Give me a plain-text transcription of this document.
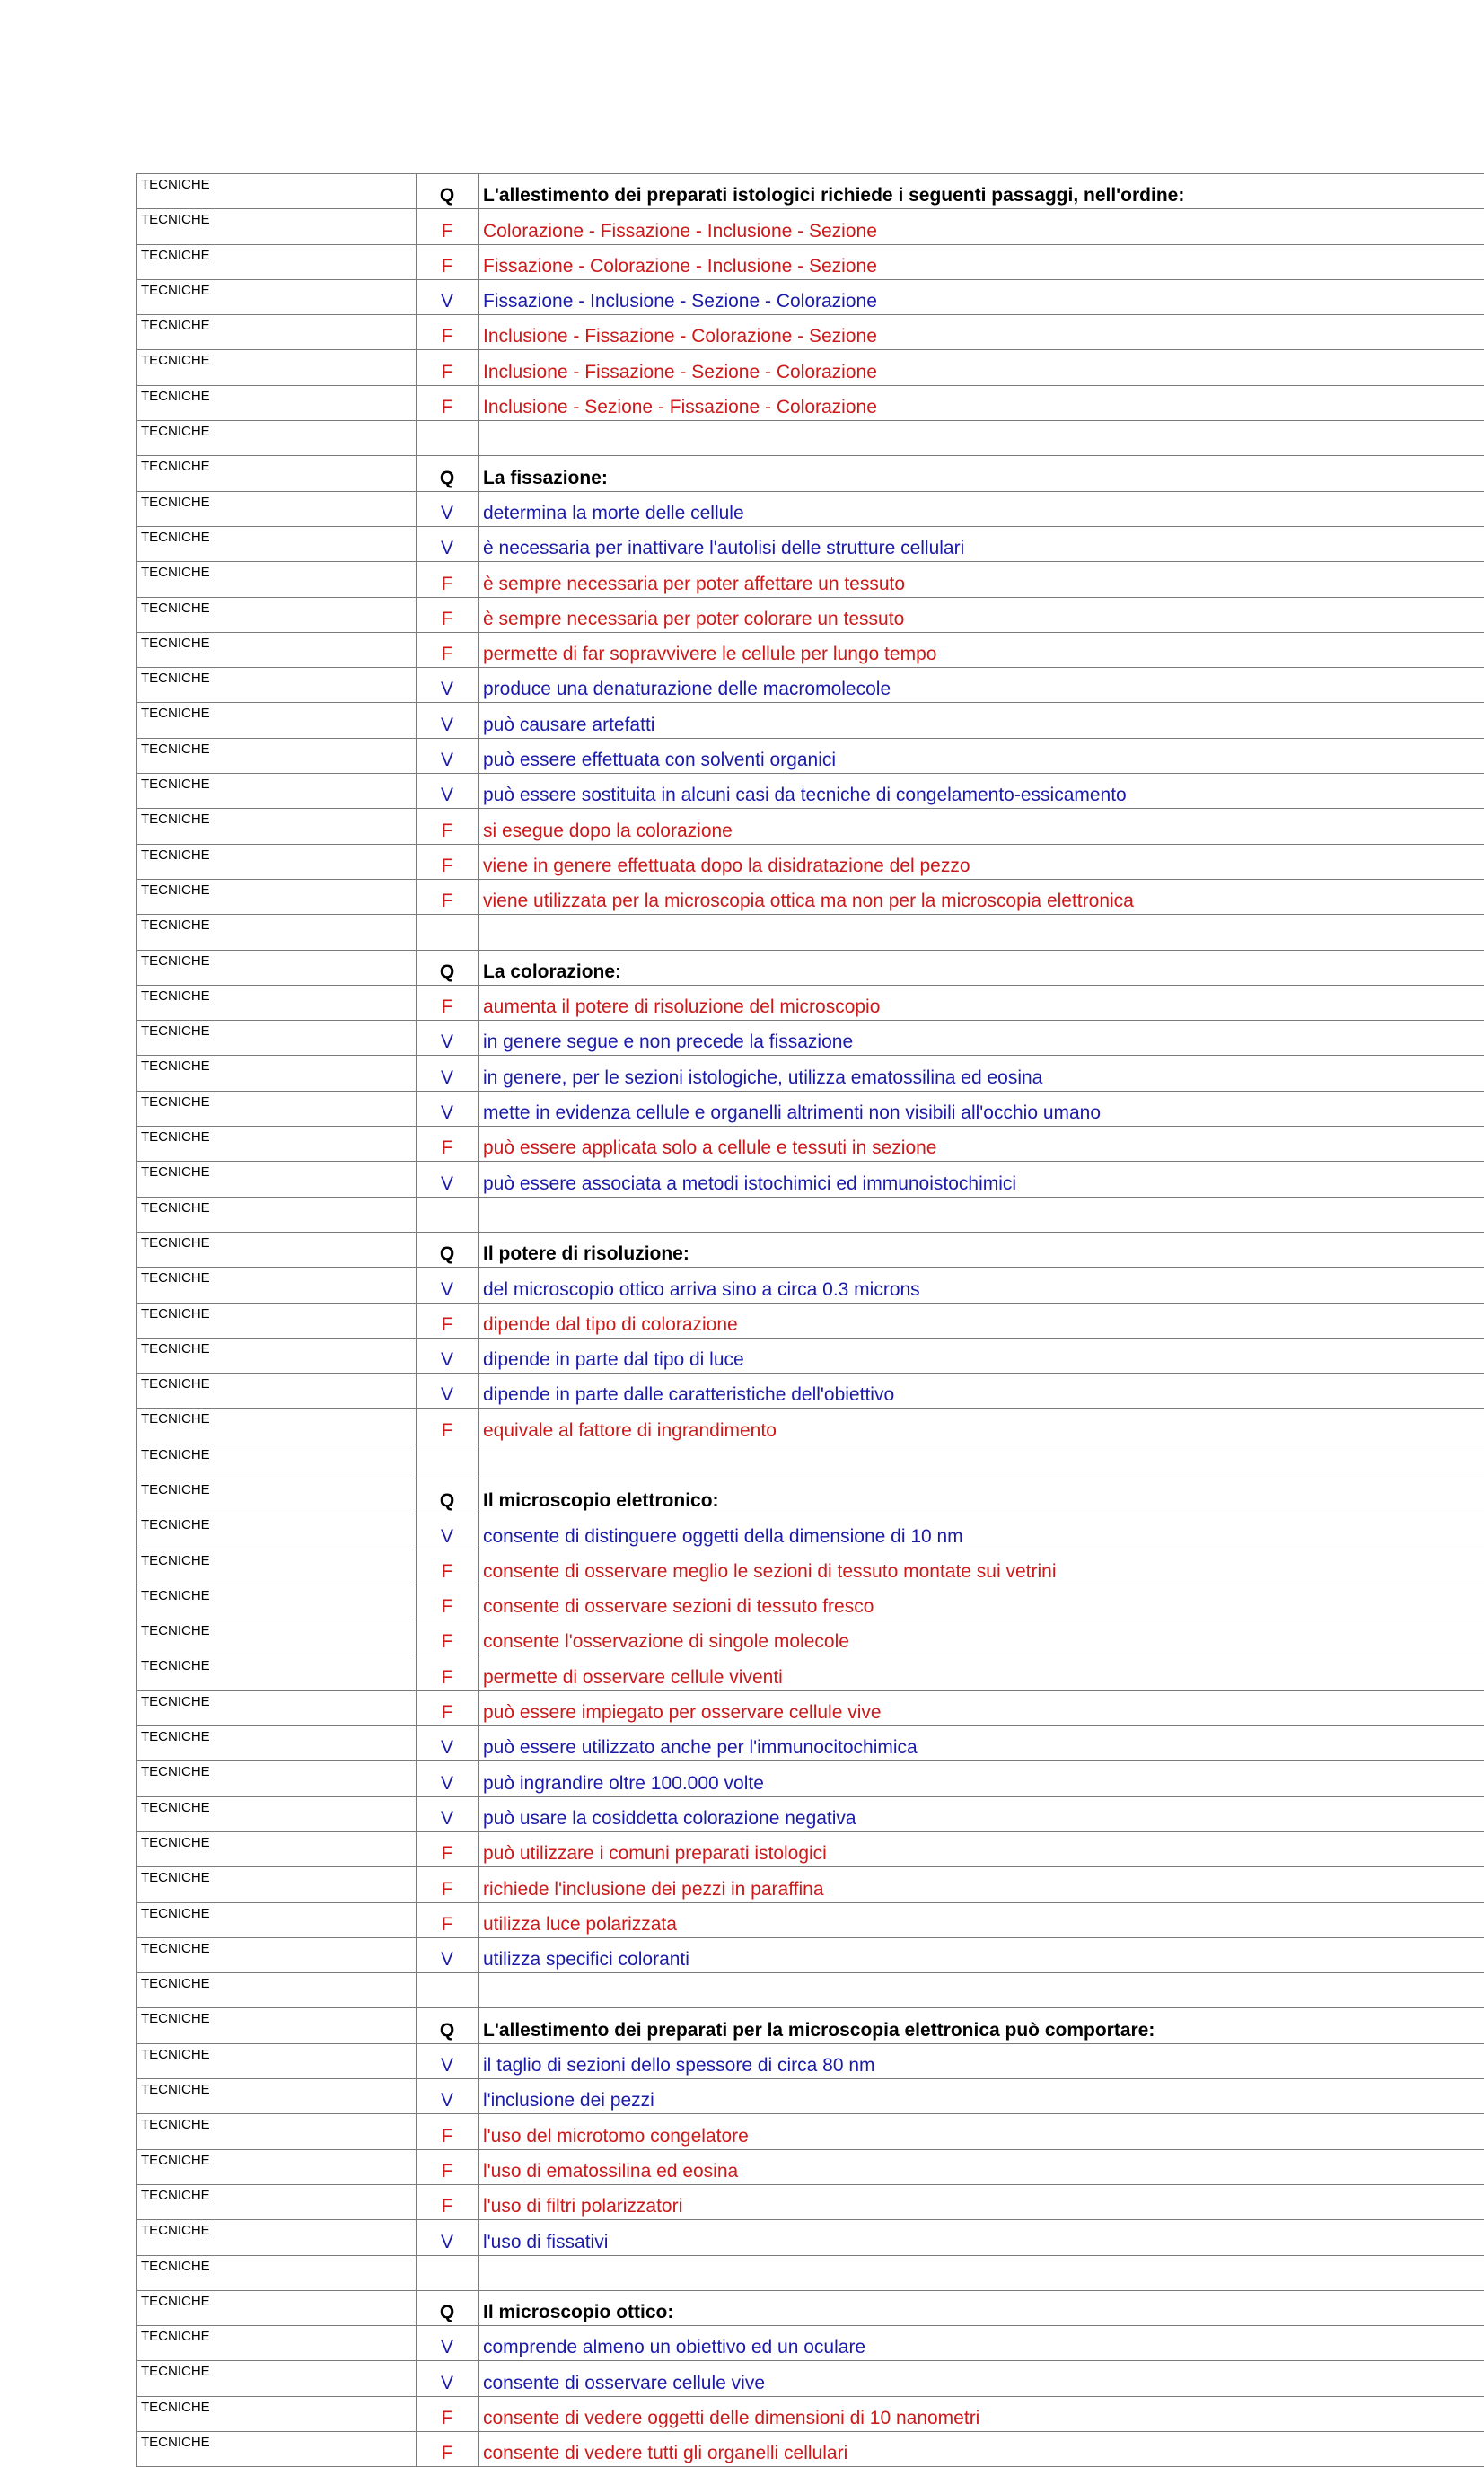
TECNICHE	Q	L'allestimento dei preparati istologici richiede i seguenti passaggi, nell'ordine:
TECNICHE	F	Colorazione - Fissazione - Inclusione - Sezione
TECNICHE	F	Fissazione - Colorazione - Inclusione - Sezione
TECNICHE	V	Fissazione - Inclusione - Sezione - Colorazione
TECNICHE	F	Inclusione - Fissazione - Colorazione - Sezione
TECNICHE	F	Inclusione - Fissazione - Sezione - Colorazione
TECNICHE	F	Inclusione - Sezione - Fissazione - Colorazione
TECNICHE		
TECNICHE	Q	La fissazione:
TECNICHE	V	determina la morte delle cellule
TECNICHE	V	è necessaria per inattivare l'autolisi delle strutture cellulari
TECNICHE	F	è sempre necessaria per poter affettare un tessuto
TECNICHE	F	è sempre necessaria per poter colorare un tessuto
TECNICHE	F	permette di far sopravvivere le cellule per lungo tempo
TECNICHE	V	produce una denaturazione delle macromolecole
TECNICHE	V	può causare artefatti
TECNICHE	V	può essere effettuata con solventi organici
TECNICHE	V	può essere sostituita in alcuni casi da tecniche di congelamento-essicamento
TECNICHE	F	si esegue dopo la colorazione
TECNICHE	F	viene in genere effettuata dopo la disidratazione del pezzo
TECNICHE	F	viene utilizzata per la microscopia ottica ma non per la microscopia elettronica
TECNICHE		
TECNICHE	Q	La colorazione:
TECNICHE	F	aumenta il potere di risoluzione del microscopio
TECNICHE	V	in genere segue e non precede la fissazione
TECNICHE	V	in genere, per le sezioni istologiche, utilizza ematossilina ed eosina
TECNICHE	V	mette in evidenza cellule e organelli altrimenti non visibili all'occhio umano
TECNICHE	F	può essere applicata solo a cellule e tessuti in sezione
TECNICHE	V	può essere associata a metodi istochimici ed immunoistochimici
TECNICHE		
TECNICHE	Q	Il potere di risoluzione:
TECNICHE	V	del microscopio ottico arriva sino a circa 0.3 microns
TECNICHE	F	dipende dal tipo di colorazione
TECNICHE	V	dipende in parte dal tipo di luce
TECNICHE	V	dipende in parte dalle caratteristiche dell'obiettivo
TECNICHE	F	equivale al fattore di ingrandimento
TECNICHE		
TECNICHE	Q	Il microscopio elettronico:
TECNICHE	V	consente di distinguere oggetti della dimensione di 10 nm
TECNICHE	F	consente di osservare meglio le sezioni di tessuto montate sui vetrini
TECNICHE	F	consente di osservare sezioni di tessuto fresco
TECNICHE	F	consente l'osservazione di singole molecole
TECNICHE	F	permette di osservare cellule viventi
TECNICHE	F	può essere impiegato per osservare cellule vive
TECNICHE	V	può essere utilizzato anche per l'immunocitochimica
TECNICHE	V	può ingrandire oltre 100.000 volte
TECNICHE	V	può usare la cosiddetta colorazione negativa
TECNICHE	F	può utilizzare i comuni preparati istologici
TECNICHE	F	richiede l'inclusione dei pezzi in paraffina
TECNICHE	F	utilizza luce polarizzata
TECNICHE	V	utilizza specifici coloranti
TECNICHE		
TECNICHE	Q	L'allestimento dei preparati per la microscopia elettronica può comportare:
TECNICHE	V	il taglio di sezioni dello spessore di circa 80 nm
TECNICHE	V	l'inclusione dei pezzi
TECNICHE	F	l'uso del microtomo congelatore
TECNICHE	F	l'uso di ematossilina ed eosina
TECNICHE	F	l'uso di filtri polarizzatori
TECNICHE	V	l'uso di fissativi
TECNICHE		
TECNICHE	Q	Il microscopio ottico:
TECNICHE	V	comprende almeno un obiettivo ed un oculare
TECNICHE	V	consente di osservare cellule vive
TECNICHE	F	consente di vedere oggetti delle dimensioni di 10 nanometri
TECNICHE	F	consente di vedere tutti gli organelli cellulari
